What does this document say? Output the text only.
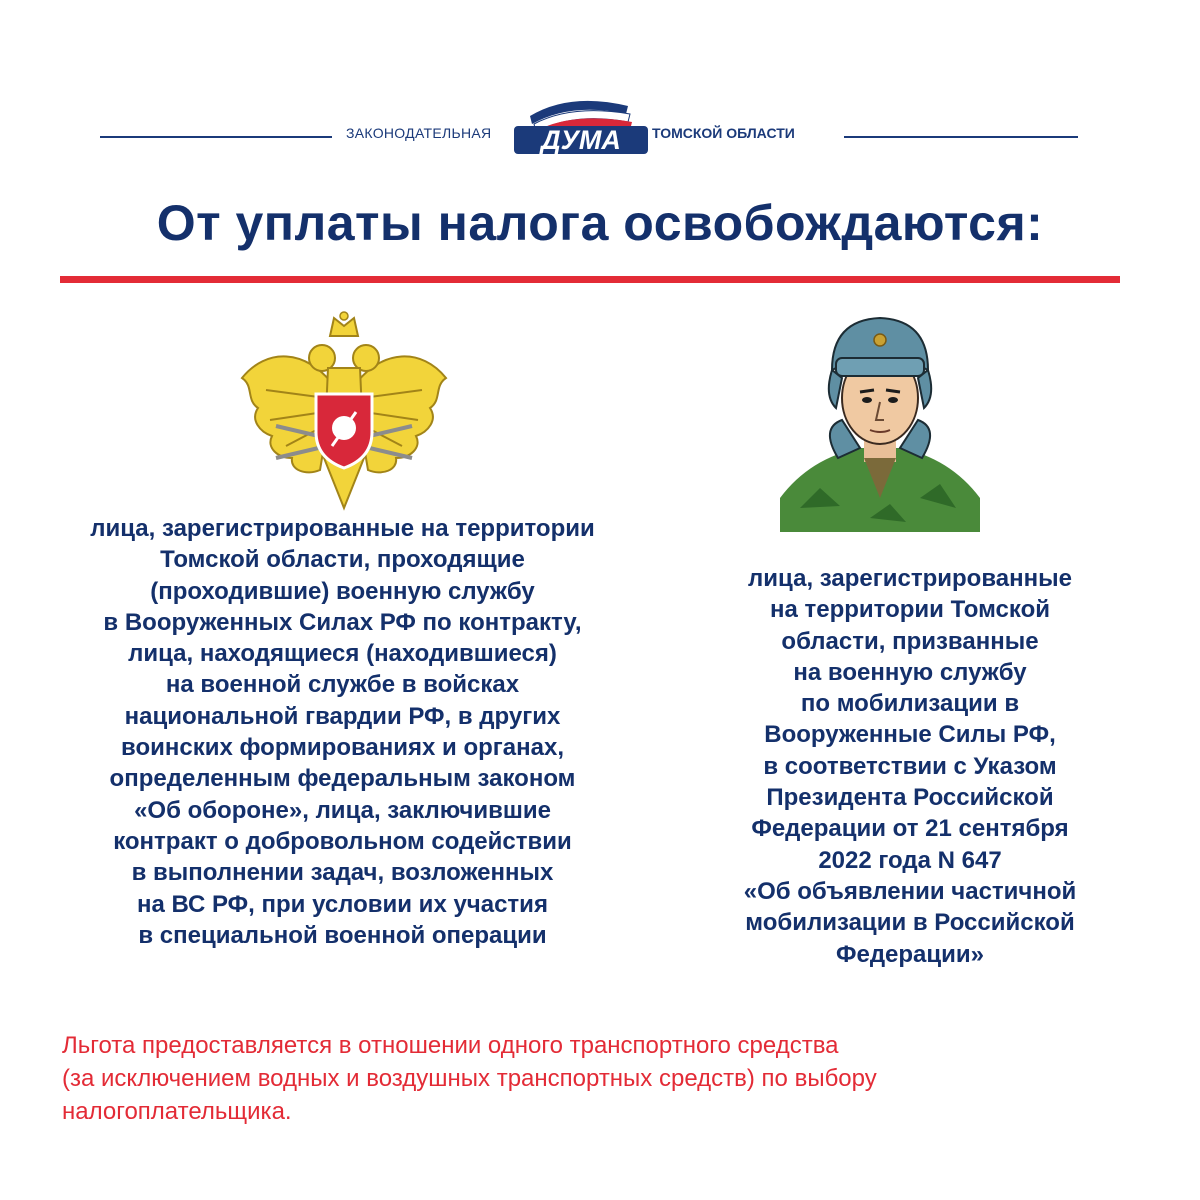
ЗАКОНОДАТЕЛЬНАЯ	ДУМА ТОМСКОЙ ОБЛАСТИ
От уплаты налога освобождаются:
лица, зарегистрированные на территории
Томской области, проходящие
(проходившие) военную службу
в Вооруженных Силах РФ по контракту,
лица, находящиеся (находившиеся)
на военной службе в войсках
национальной гвардии РФ, в других
воинских формированиях и органах,
определенным федеральным законом
«Об обороне», лица, заключившие
контракт о добровольном содействии
в выполнении задач, возложенных
на ВС РФ, при условии их участия
в специальной военной операции
лица, зарегистрированные
на территории Томской
области, призванные
на военную службу
по мобилизации в
Вооруженные Силы РФ,
в соответствии с Указом
Президента Российской
Федерации от 21 сентября
2022 года N 647
«Об объявлении частичной
мобилизации в Российской
Федерации»
Льгота предоставляется в отношении одного транспортного средства
(за исключением водных и воздушных транспортных средств) по выбору
налогоплательщика.
